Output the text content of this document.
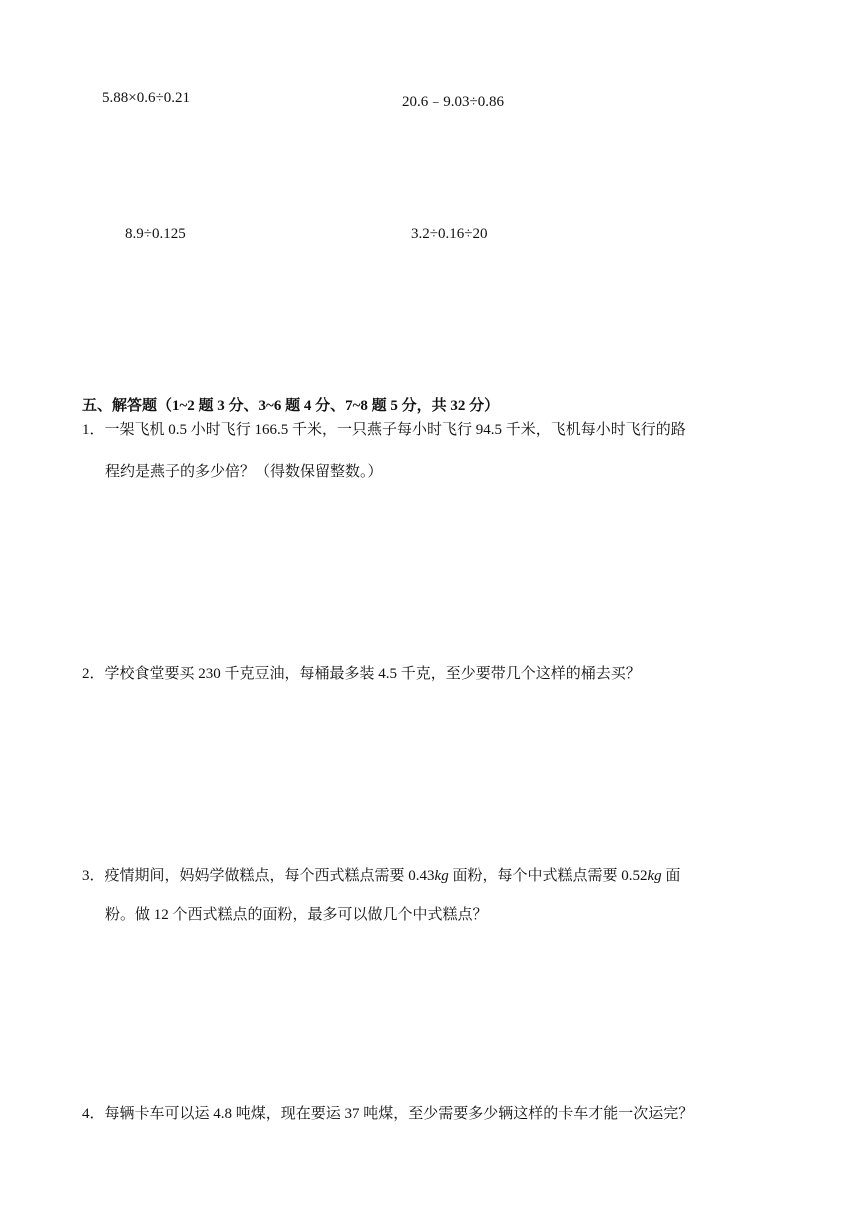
5.88×0.6÷0.21	20.6﹣9.03÷0.86
8.9÷0.125	3.2÷0.16÷20
五、解答题（1~2 题 3 分、3~6 题 4 分、7~8 题 5 分，共 32 分）
1．一架飞机 0.5 小时飞行 166.5 千米，一只燕子每小时飞行 94.5 千米，飞机每小时飞行的路
程约是燕子的多少倍？（得数保留整数。）
2．学校食堂要买 230 千克豆油，每桶最多装 4.5 千克，至少要带几个这样的桶去买？
3．疫情期间，妈妈学做糕点，每个西式糕点需要 0.43kg 面粉，每个中式糕点需要 0.52kg 面
粉。做 12 个西式糕点的面粉，最多可以做几个中式糕点？
4．每辆卡车可以运 4.8 吨煤，现在要运 37 吨煤，至少需要多少辆这样的卡车才能一次运完？
